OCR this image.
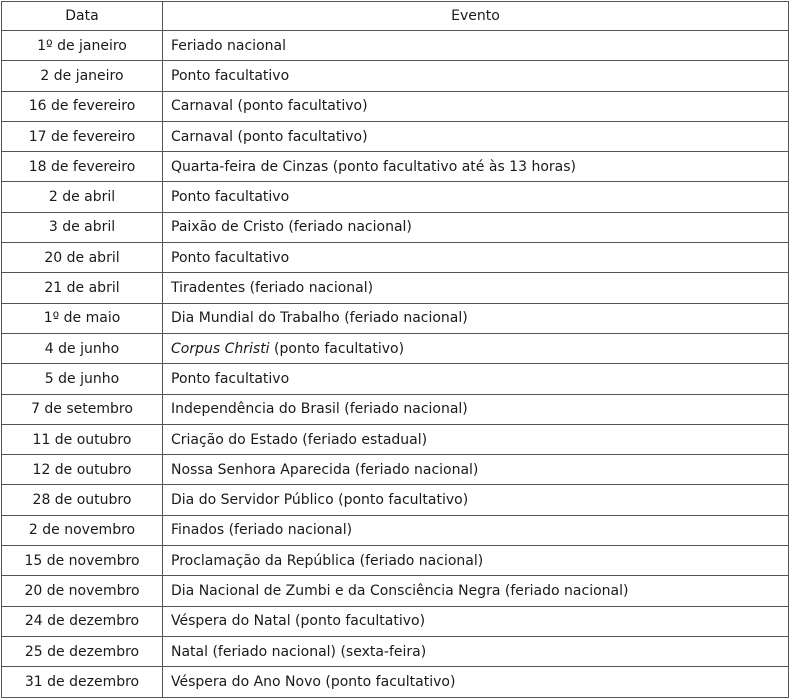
Data	Evento
1º de janeiro	Feriado nacional
2 de janeiro	Ponto facultativo
16 de fevereiro	Carnaval (ponto facultativo)
17 de fevereiro	Carnaval (ponto facultativo)
18 de fevereiro	Quarta-feira de Cinzas (ponto facultativo até às 13 horas)
2 de abril	Ponto facultativo
3 de abril	Paixão de Cristo (feriado nacional)
20 de abril	Ponto facultativo
21 de abril	Tiradentes (feriado nacional)
1º de maio	Dia Mundial do Trabalho (feriado nacional)
4 de junho	Corpus Christi (ponto facultativo)
5 de junho	Ponto facultativo
7 de setembro	Independência do Brasil (feriado nacional)
11 de outubro	Criação do Estado (feriado estadual)
12 de outubro	Nossa Senhora Aparecida (feriado nacional)
28 de outubro	Dia do Servidor Público (ponto facultativo)
2 de novembro	Finados (feriado nacional)
15 de novembro	Proclamação da República (feriado nacional)
20 de novembro	Dia Nacional de Zumbi e da Consciência Negra (feriado nacional)
24 de dezembro	Véspera do Natal (ponto facultativo)
25 de dezembro	Natal (feriado nacional) (sexta-feira)
31 de dezembro	Véspera do Ano Novo (ponto facultativo)
